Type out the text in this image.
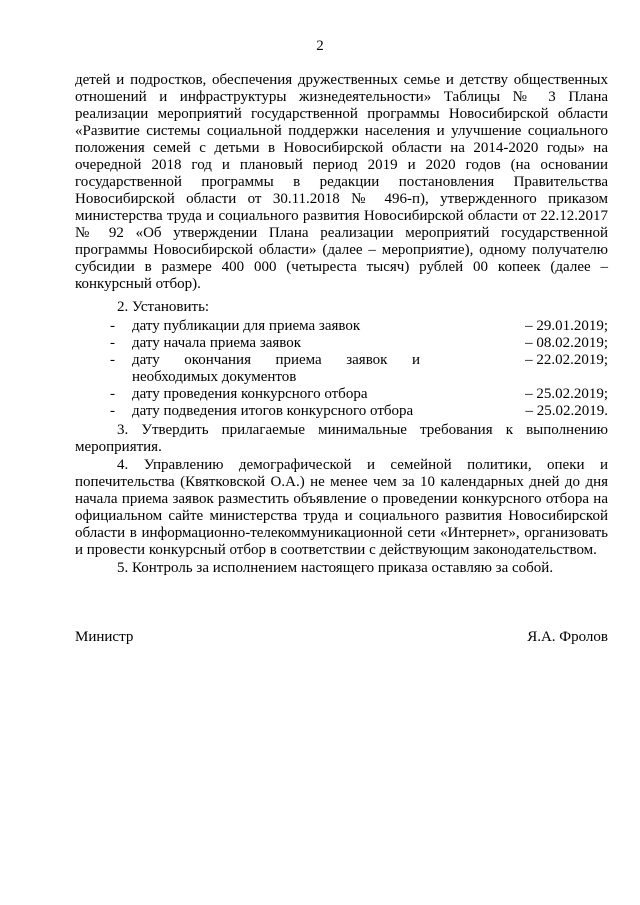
2
детей и подростков, обеспечения дружественных семье и детству общественных
отношений и инфраструктуры жизнедеятельности» Таблицы № 3 Плана
реализации мероприятий государственной программы Новосибирской области
«Развитие системы социальной поддержки населения и улучшение социального
положения семей с детьми в Новосибирской области на 2014-2020 годы» на
очередной 2018 год и плановый период 2019 и 2020 годов (на основании
государственной программы в редакции постановления Правительства
Новосибирской области от 30.11.2018 № 496-п), утвержденного приказом
министерства труда и социального развития Новосибирской области от 22.12.2017
№ 92 «Об утверждении Плана реализации мероприятий государственной
программы Новосибирской области» (далее – мероприятие), одному получателю
субсидии в размере 400 000 (четыреста тысяч) рублей 00 копеек (далее –
конкурсный отбор).
2. Установить:
- дату публикации для приема заявок	– 29.01.2019;
- дату начала приема заявок	– 08.02.2019;
- дату окончания приема заявок и	– 22.02.2019;
необходимых документов
- дату проведения конкурсного отбора	– 25.02.2019;
- дату подведения итогов конкурсного отбора	– 25.02.2019.
3. Утвердить прилагаемые минимальные требования к выполнению
мероприятия.
4. Управлению демографической и семейной политики, опеки и
попечительства (Квятковской О.А.) не менее чем за 10 календарных дней до дня
начала приема заявок разместить объявление о проведении конкурсного отбора на
официальном сайте министерства труда и социального развития Новосибирской
области в информационно-телекоммуникационной сети «Интернет», организовать
и провести конкурсный отбор в соответствии с действующим законодательством.
5. Контроль за исполнением настоящего приказа оставляю за собой.
Министр	Я.А. Фролов
